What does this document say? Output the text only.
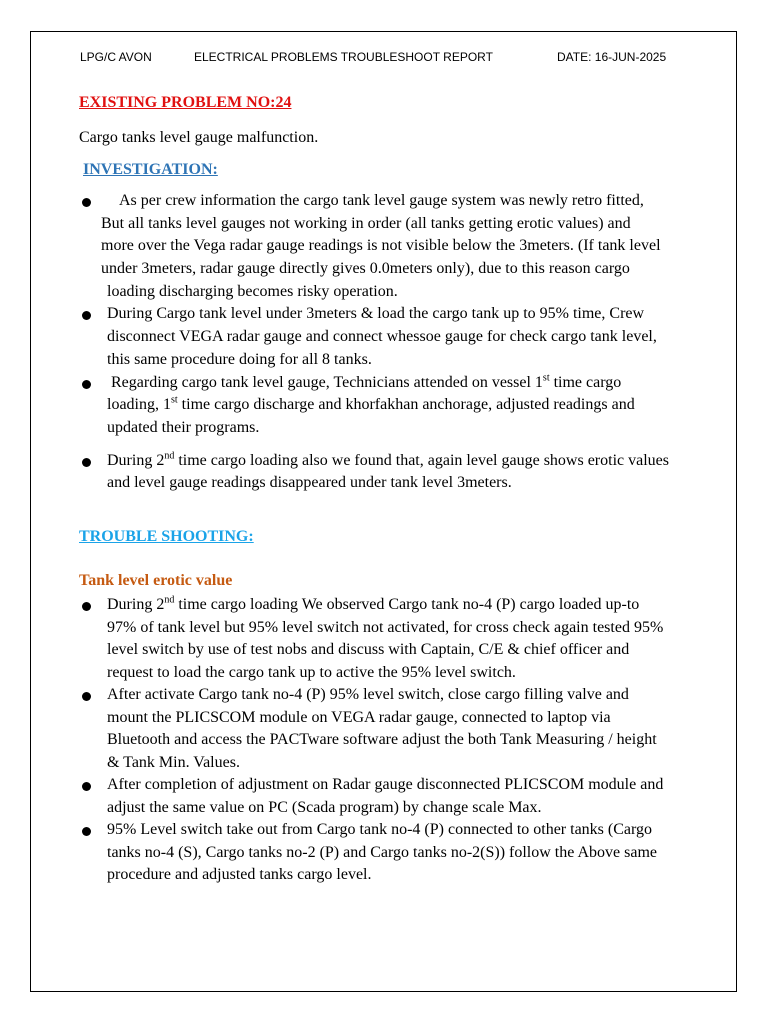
LPG/C AVON	ELECTRICAL PROBLEMS TROUBLESHOOT REPORT	DATE: 16-JUN-2025
EXISTING PROBLEM NO:24
Cargo tanks level gauge malfunction.
INVESTIGATION:
As per crew information the cargo tank level gauge system was newly retro fitted,
But all tanks level gauges not working in order (all tanks getting erotic values) and
more over the Vega radar gauge readings is not visible below the 3meters. (If tank level
under 3meters, radar gauge directly gives 0.0meters only), due to this reason cargo
loading discharging becomes risky operation.
During Cargo tank level under 3meters & load the cargo tank up to 95% time, Crew
disconnect VEGA radar gauge and connect whessoe gauge for check cargo tank level,
this same procedure doing for all 8 tanks.
Regarding cargo tank level gauge, Technicians attended on vessel 1st time cargo
loading, 1st time cargo discharge and khorfakhan anchorage, adjusted readings and
updated their programs.
During 2nd time cargo loading also we found that, again level gauge shows erotic values
and level gauge readings disappeared under tank level 3meters.
TROUBLE SHOOTING:
Tank level erotic value
During 2nd time cargo loading We observed Cargo tank no-4 (P) cargo loaded up-to
97% of tank level but 95% level switch not activated, for cross check again tested 95%
level switch by use of test nobs and discuss with Captain, C/E & chief officer and
request to load the cargo tank up to active the 95% level switch.
After activate Cargo tank no-4 (P) 95% level switch, close cargo filling valve and
mount the PLICSCOM module on VEGA radar gauge, connected to laptop via
Bluetooth and access the PACTware software adjust the both Tank Measuring / height
& Tank Min. Values.
After completion of adjustment on Radar gauge disconnected PLICSCOM module and
adjust the same value on PC (Scada program) by change scale Max.
95% Level switch take out from Cargo tank no-4 (P) connected to other tanks (Cargo
tanks no-4 (S), Cargo tanks no-2 (P) and Cargo tanks no-2(S)) follow the Above same
procedure and adjusted tanks cargo level.
